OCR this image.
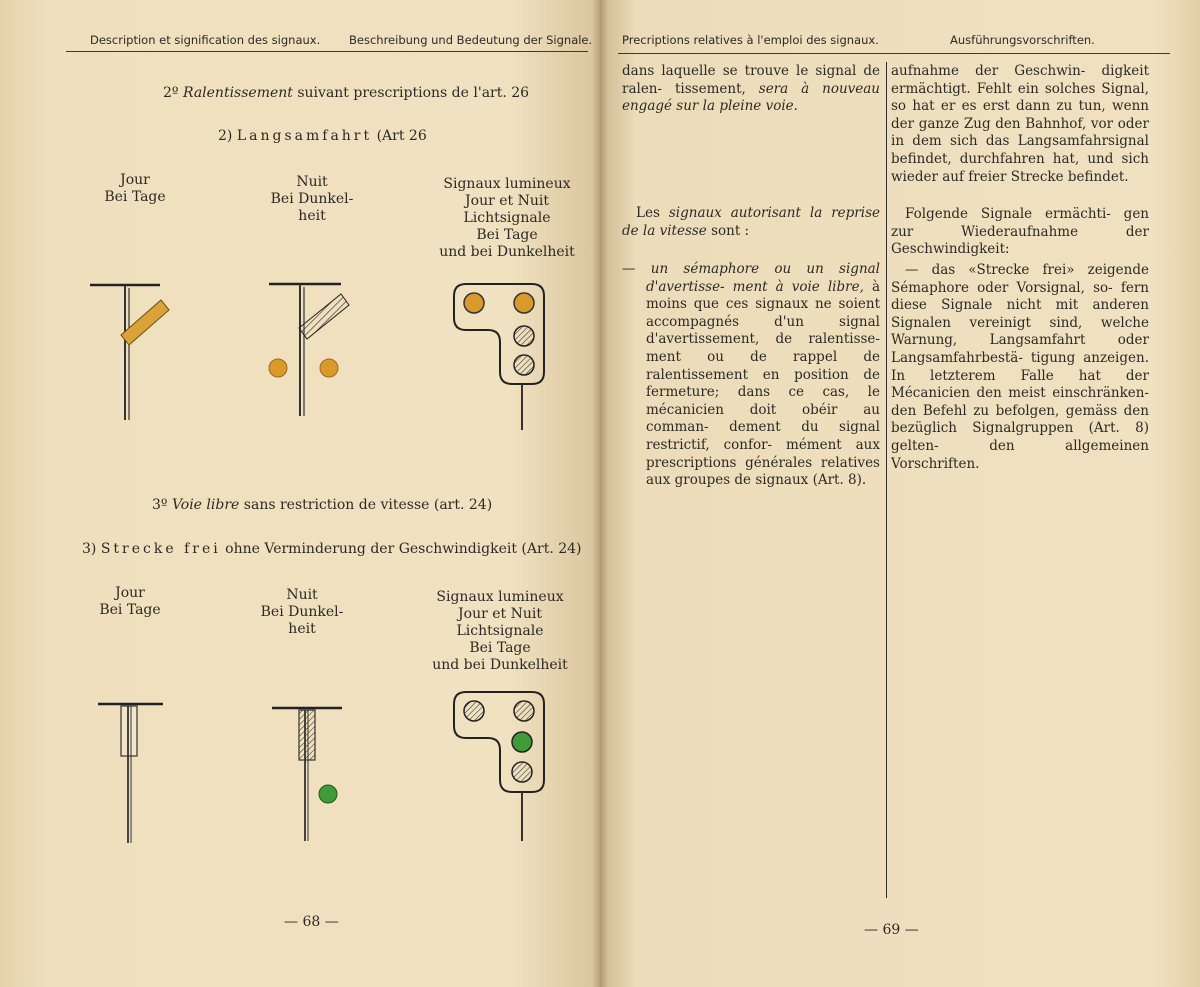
Description et signification des signaux. Beschreibung und Bedeutung der Signale.
2º Ralentissement suivant prescriptions de l'art. 26
2) Langsamfahrt (Art 26
Jour
Bei Tage
Nuit
Bei Dunkel-
heit
Signaux lumineux
Jour et Nuit
Lichtsignale
Bei Tage
und bei Dunkelheit
3º Voie libre sans restriction de vitesse (art. 24)
3) Strecke frei ohne Verminderung der Geschwindigkeit (Art. 24)
Jour
Bei Tage
Nuit
Bei Dunkel-
heit
Signaux lumineux
Jour et Nuit
Lichtsignale
Bei Tage
und bei Dunkelheit
— 68 —
Precriptions relatives à l'emploi des signaux.	Ausführungsvorschriften.

dans laquelle se trouve le signal de ralen- tissement, sera à nouveau engagé sur la pleine voie.

Les signaux autorisant la reprise de la vitesse sont :

— un sémaphore ou un signal d'avertisse- ment à voie libre, à moins que ces signaux ne soient accompagnés d'un signal d'avertissement, de ralentisse- ment ou de rappel de ralentissement en position de fermeture; dans ce cas, le mécanicien doit obéir au comman- dement du signal restrictif, confor- mément aux prescriptions générales relatives aux groupes de signaux (Art. 8).

aufnahme der Geschwin- digkeit ermächtigt. Fehlt ein solches Signal, so hat er es erst dann zu tun, wenn der ganze Zug den Bahnhof, vor oder in dem sich das Langsamfahrsignal befindet, durchfahren hat, und sich wieder auf freier Strecke befindet.

Folgende Signale ermächti- gen zur Wiederaufnahme der Geschwindigkeit:

— das «Strecke frei» zeigende Sémaphore oder Vorsignal, so- fern diese Signale nicht mit anderen Signalen vereinigt sind, welche Warnung, Langsamfahrt oder Langsamfahrbestä- tigung anzeigen. In letzterem Falle hat der Mécanicien den meist einschränken- den Befehl zu befolgen, gemäss den bezüglich Signalgruppen (Art. 8) gelten- den allgemeinen Vorschriften.

— 69 —
